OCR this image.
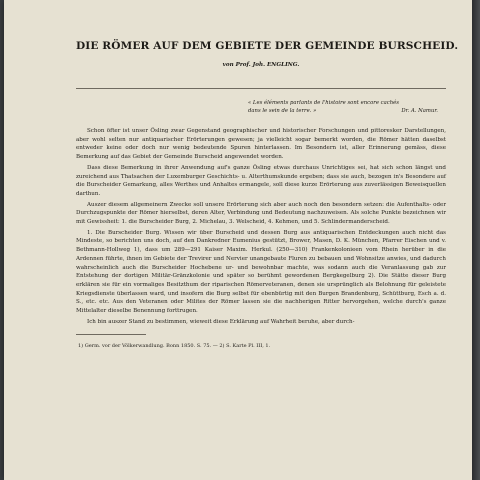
DIE RÖMER AUF DEM GEBIETE DER GEMEINDE BURSCHEID.
von Prof. Joh. ENGLING.
« Les éléments parlants de l'histoire sont encore cachés
dans le sein de la terre. »	Dr. A. Namur.

Schon öfter ist unser Ösling zwar Gegenstand geographischer und historischer Forschungen und pittoresker Darstellungen, aber wohl selten nur antiquarischer Erörterungen gewesen; ja vielleicht sogar bemerkt worden, die Römer hätten daselbst entweder keine oder doch nur wenig bedeutende Spuren hinterlassen. Im Besondern ist, aller Erinnerung gemäss, diese Bemerkung auf das Gebiet der Gemeinde Burscheid angewendet worden.

Dass diese Bemerkung in ihrer Anwendung auf's ganze Ösling etwas durchaus Unrichtiges sei, hat sich schon längst und zureichend aus Thatsachen der Luxemburger Geschichts- u. Alterthumskunde ergeben; dass sie auch, bezogen in's Besondere auf die Burscheider Gemarkung, alles Werthes und Anhaltes ermangele, soll diese kurze Erörterung aus zuverlässigen Beweisquellen darthun.

Auszer diesem allgemeinern Zwecke soll unsere Erörterung sich aber auch noch den besondern setzen: die Aufenthalts- oder Durchzugspunkte der Römer hierselbst, deren Alter, Verbindung und Bedeutung nachzuweisen. Als solche Punkte bezeichnen wir mit Gewissheit: 1. die Burscheider Burg, 2. Michelau, 3. Welscheid, 4. Kehmen, und 5. Schlindermanderscheid.

1. Die Burscheider Burg. Wissen wir über Burscheid und dessen Burg aus antiquarischen Entdeckungen auch nicht das Mindeste, so berichten uns doch, auf den Dankredner Eumenius gestützt, Brower, Masen, D. K. München, Pfarrer Eischen und v. Bethmann-Hollweg 1), dass um 289—291 Kaiser Maxim. Herkul. (250—310) Frankenkolonieen vom Rhein herüber in die Ardennen führte, ihnen im Gebiete der Trevirer und Nervier unangebaute Fluren zu bebauen und Wohnsitze anwies, und dadurch wahrscheinlich auch die Burscheider Hochebene ur- und bewohnbar machte, was sodann auch die Veranlassung gab zur Entstehung der dortigen Militär-Gränzkolonie und später so berühmt gewordenen Bergkegelburg 2). Die Stätte dieser Burg erklären sie für ein vormaliges Besitzthum der riparischen Römerveteranen, denen sie ursprünglich als Belohnung für geleistete Kriegsdienste überlassen ward, und insofern die Burg selbst für ebenbürtig mit den Burgen Brandenburg, Schüttburg, Esch a. d. S., etc. etc. Aus den Veteranen oder Milites der Römer lassen sie die nachherigen Ritter hervorgehen, welche durch's ganze Mittelalter dieselbe Benennung forttrugen.

Ich bin auszer Stand zu bestimmen, wieweit diese Erklärung auf Wahrheit beruhe, aber durch-

1) Germ. vor der Völkerwandlung. Bonn 1850. S. 75. — 2) S. Karte Pl. III, 1.
